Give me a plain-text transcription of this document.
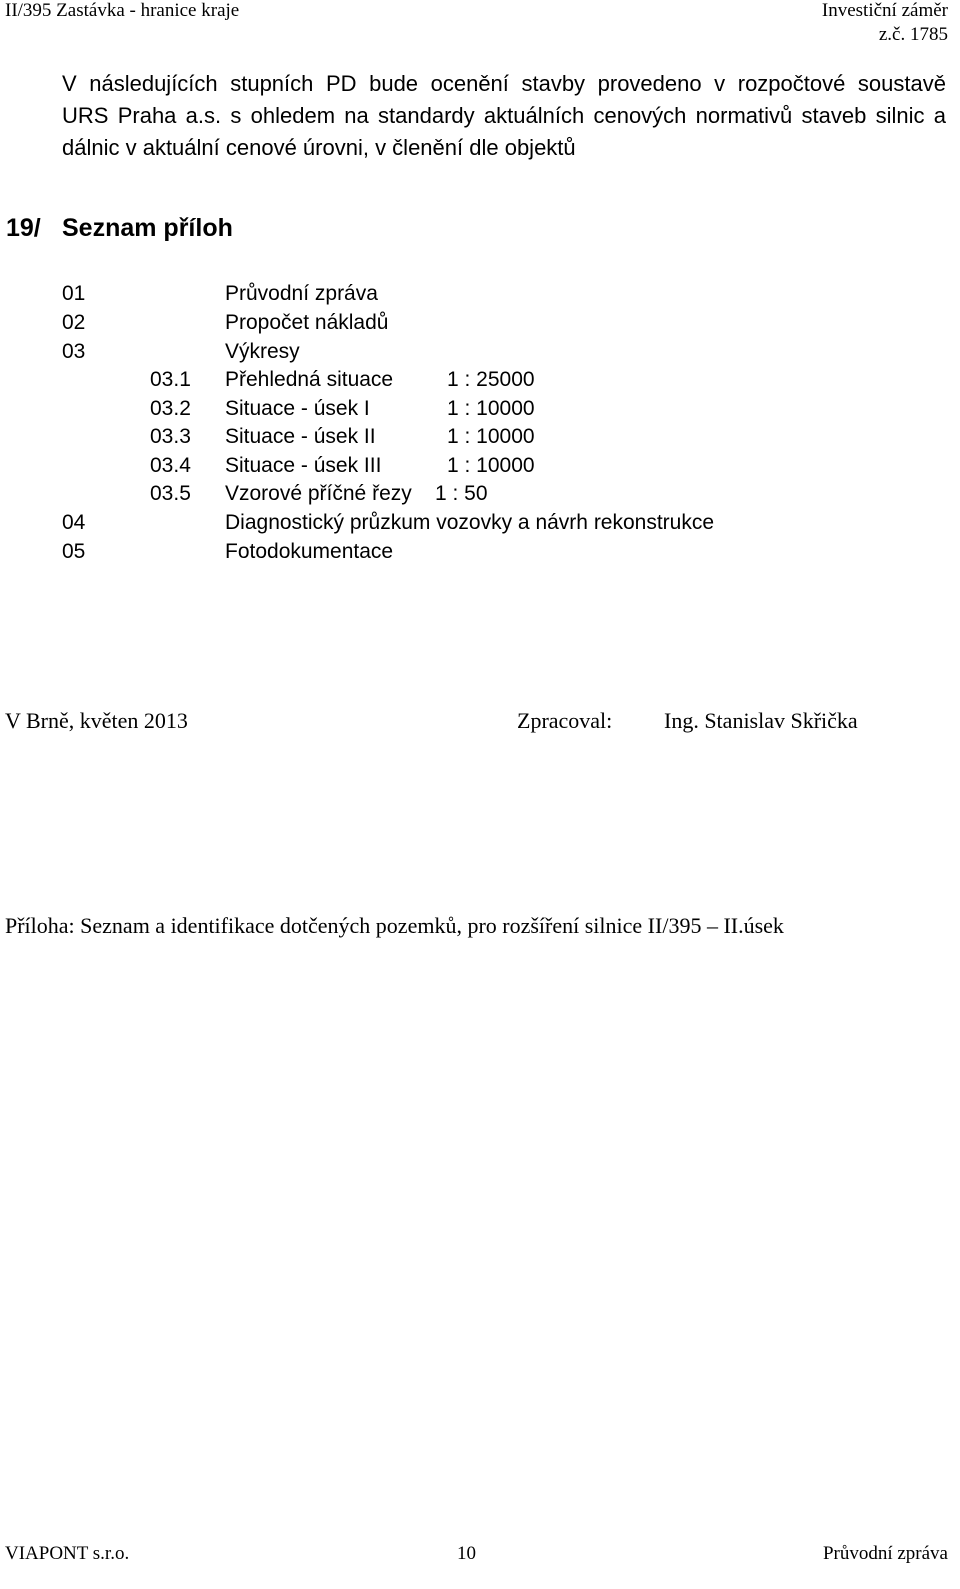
II/395 Zastávka - hranice kraje	Investiční záměr
z.č. 1785
V následujících stupních PD bude ocenění stavby provedeno v rozpočtové soustavě
URS Praha a.s. s ohledem na standardy aktuálních cenových normativů staveb silnic a
dálnic v aktuální cenové úrovni, v členění dle objektů
19/ Seznam příloh
01	Průvodní zpráva
02	Propočet nákladů
03	Výkresy
03.1 Přehledná situace	1 : 25000
03.2 Situace - úsek I	1 : 10000
03.3 Situace - úsek II	1 : 10000
03.4 Situace - úsek III	1 : 10000
03.5 Vzorové příčné řezy 1 : 50
04	Diagnostický průzkum vozovky a návrh rekonstrukce
05	Fotodokumentace
V Brně, květen 2013	Zpracoval: Ing. Stanislav Skřička
Příloha: Seznam a identifikace dotčených pozemků, pro rozšíření silnice II/395 – II.úsek
VIAPONT s.r.o.	10	Průvodní zpráva
